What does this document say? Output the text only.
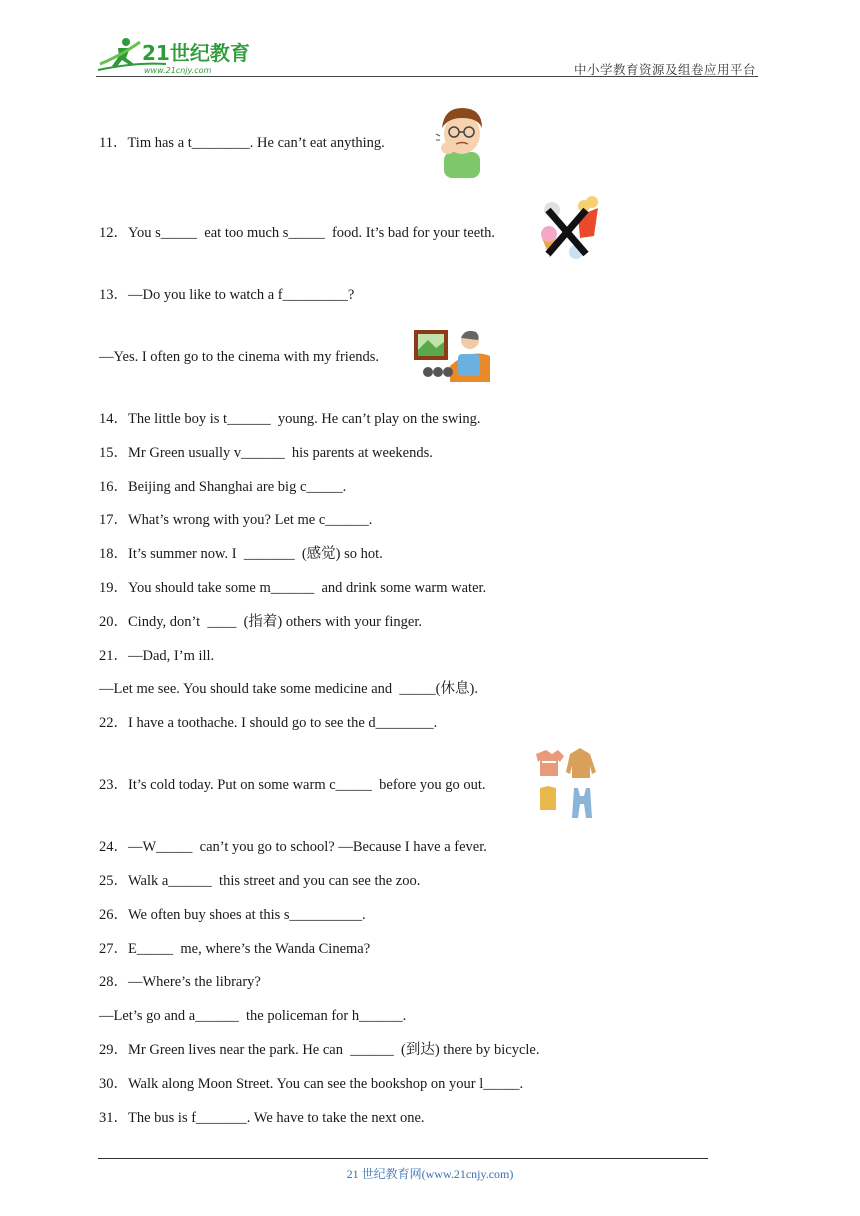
21世纪教育
www.21cnjy.com	中小学教育资源及组卷应用平台
11．Tim has a t________. He can’t eat anything.
12．You s_____  eat too much s_____  food. It’s bad for your teeth.
13．—Do you like to watch a f_________?
—Yes. I often go to the cinema with my friends.
14．The little boy is t______  young. He can’t play on the swing.
15．Mr Green usually v______  his parents at weekends.
16．Beijing and Shanghai are big c_____.
17．What’s wrong with you? Let me c______.
18．It’s summer now. I  _______  (感觉) so hot.
19．You should take some m______  and drink some warm water.
20．Cindy, don’t  ____  (指着) others with your finger.
21．—Dad, I’m ill.
—Let me see. You should take some medicine and  _____(休息).
22．I have a toothache. I should go to see the d________.
23．It’s cold today. Put on some warm c_____  before you go out.
24．—W_____  can’t you go to school? —Because I have a fever.
25．Walk a______  this street and you can see the zoo.
26．We often buy shoes at this s__________.
27．E_____  me, where’s the Wanda Cinema?
28．—Where’s the library?
—Let’s go and a______  the policeman for h______.
29．Mr Green lives near the park. He can  ______  (到达) there by bicycle.
30．Walk along Moon Street. You can see the bookshop on your l_____.
31．The bus is f_______. We have to take the next one.
21 世纪教育网(www.21cnjy.com)
